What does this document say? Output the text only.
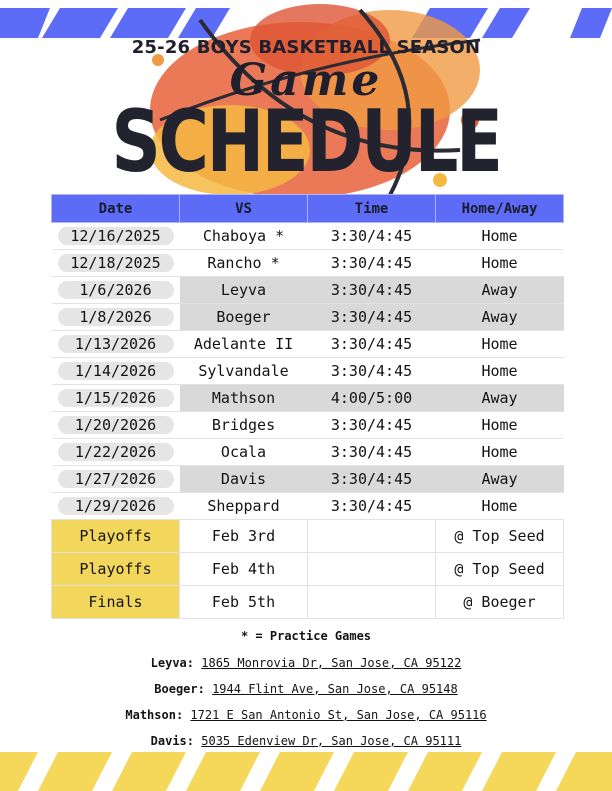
25-26 BOYS BASKETBALL SEASON
Game
SCHEDULE
Date	VS	Time	Home/Away
12/16/2025	Chaboya *	3:30/4:45	Home
12/18/2025	Rancho *	3:30/4:45	Home
1/6/2026	Leyva	3:30/4:45	Away
1/8/2026	Boeger	3:30/4:45	Away
1/13/2026	Adelante II	3:30/4:45	Home
1/14/2026	Sylvandale	3:30/4:45	Home
1/15/2026	Mathson	4:00/5:00	Away
1/20/2026	Bridges	3:30/4:45	Home
1/22/2026	Ocala	3:30/4:45	Home
1/27/2026	Davis	3:30/4:45	Away
1/29/2026	Sheppard	3:30/4:45	Home
Playoffs	Feb 3rd		@ Top Seed
Playoffs	Feb 4th		@ Top Seed
Finals	Feb 5th		@ Boeger
* = Practice Games
Leyva: 1865 Monrovia Dr, San Jose, CA 95122
Boeger: 1944 Flint Ave, San Jose, CA 95148
Mathson: 1721 E San Antonio St, San Jose, CA 95116
Davis: 5035 Edenview Dr, San Jose, CA 95111
